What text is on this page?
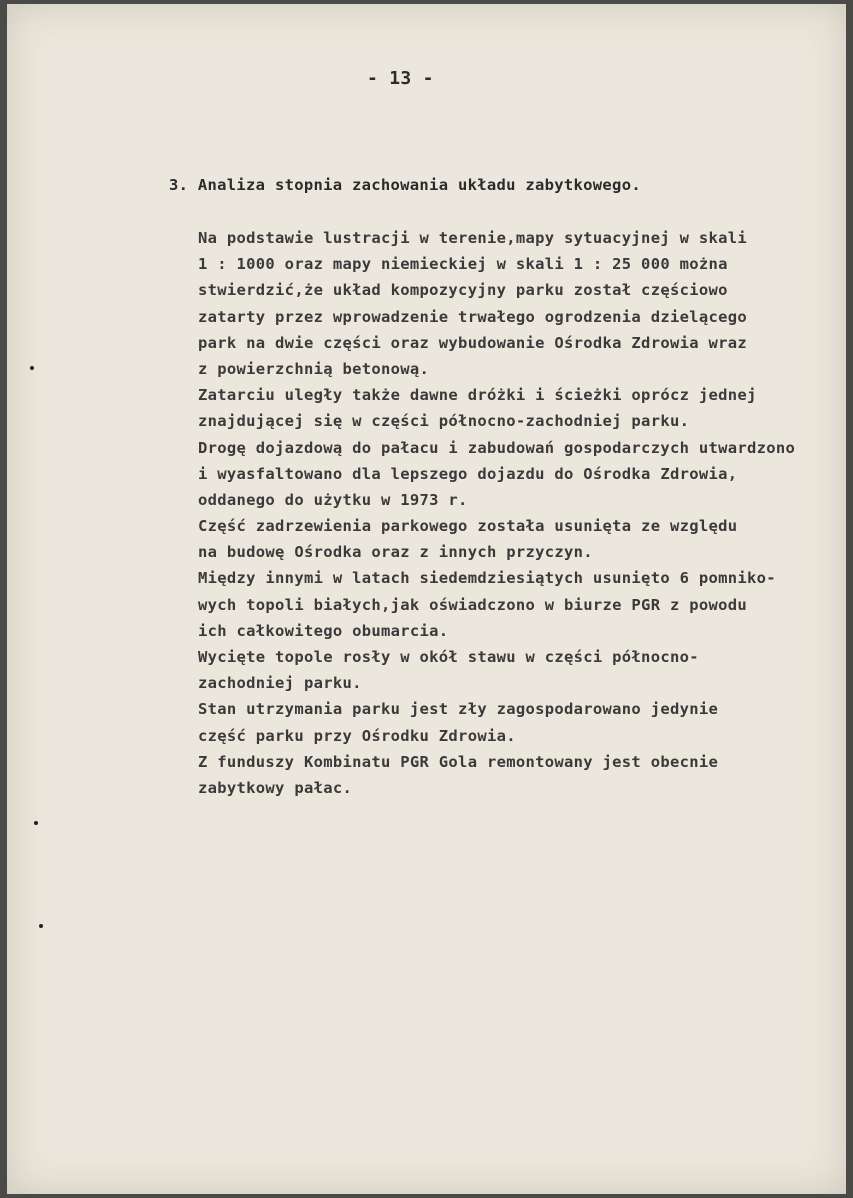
- 13 -
3. Analiza stopnia zachowania układu zabytkowego.
Na podstawie lustracji w terenie,mapy sytuacyjnej w skali
1 : 1000 oraz mapy niemieckiej w skali 1 : 25 000 można
stwierdzić,że układ kompozycyjny parku został częściowo
zatarty przez wprowadzenie trwałego ogrodzenia dzielącego
park na dwie części oraz wybudowanie Ośrodka Zdrowia wraz
z powierzchnią betonową.
Zatarciu uległy także dawne dróżki i ścieżki oprócz jednej
znajdującej się w części północno-zachodniej parku.
Drogę dojazdową do pałacu i zabudowań gospodarczych utwardzono
i wyasfaltowano dla lepszego dojazdu do Ośrodka Zdrowia,
oddanego do użytku w 1973 r.
Część zadrzewienia parkowego została usunięta ze względu
na budowę Ośrodka oraz z innych przyczyn.
Między innymi w latach siedemdziesiątych usunięto 6 pomniko-
wych topoli białych,jak oświadczono w biurze PGR z powodu
ich całkowitego obumarcia.
Wycięte topole rosły w okół stawu w części północno-
zachodniej parku.
Stan utrzymania parku jest zły zagospodarowano jedynie
część parku przy Ośrodku Zdrowia.
Z funduszy Kombinatu PGR Gola remontowany jest obecnie
zabytkowy pałac.
